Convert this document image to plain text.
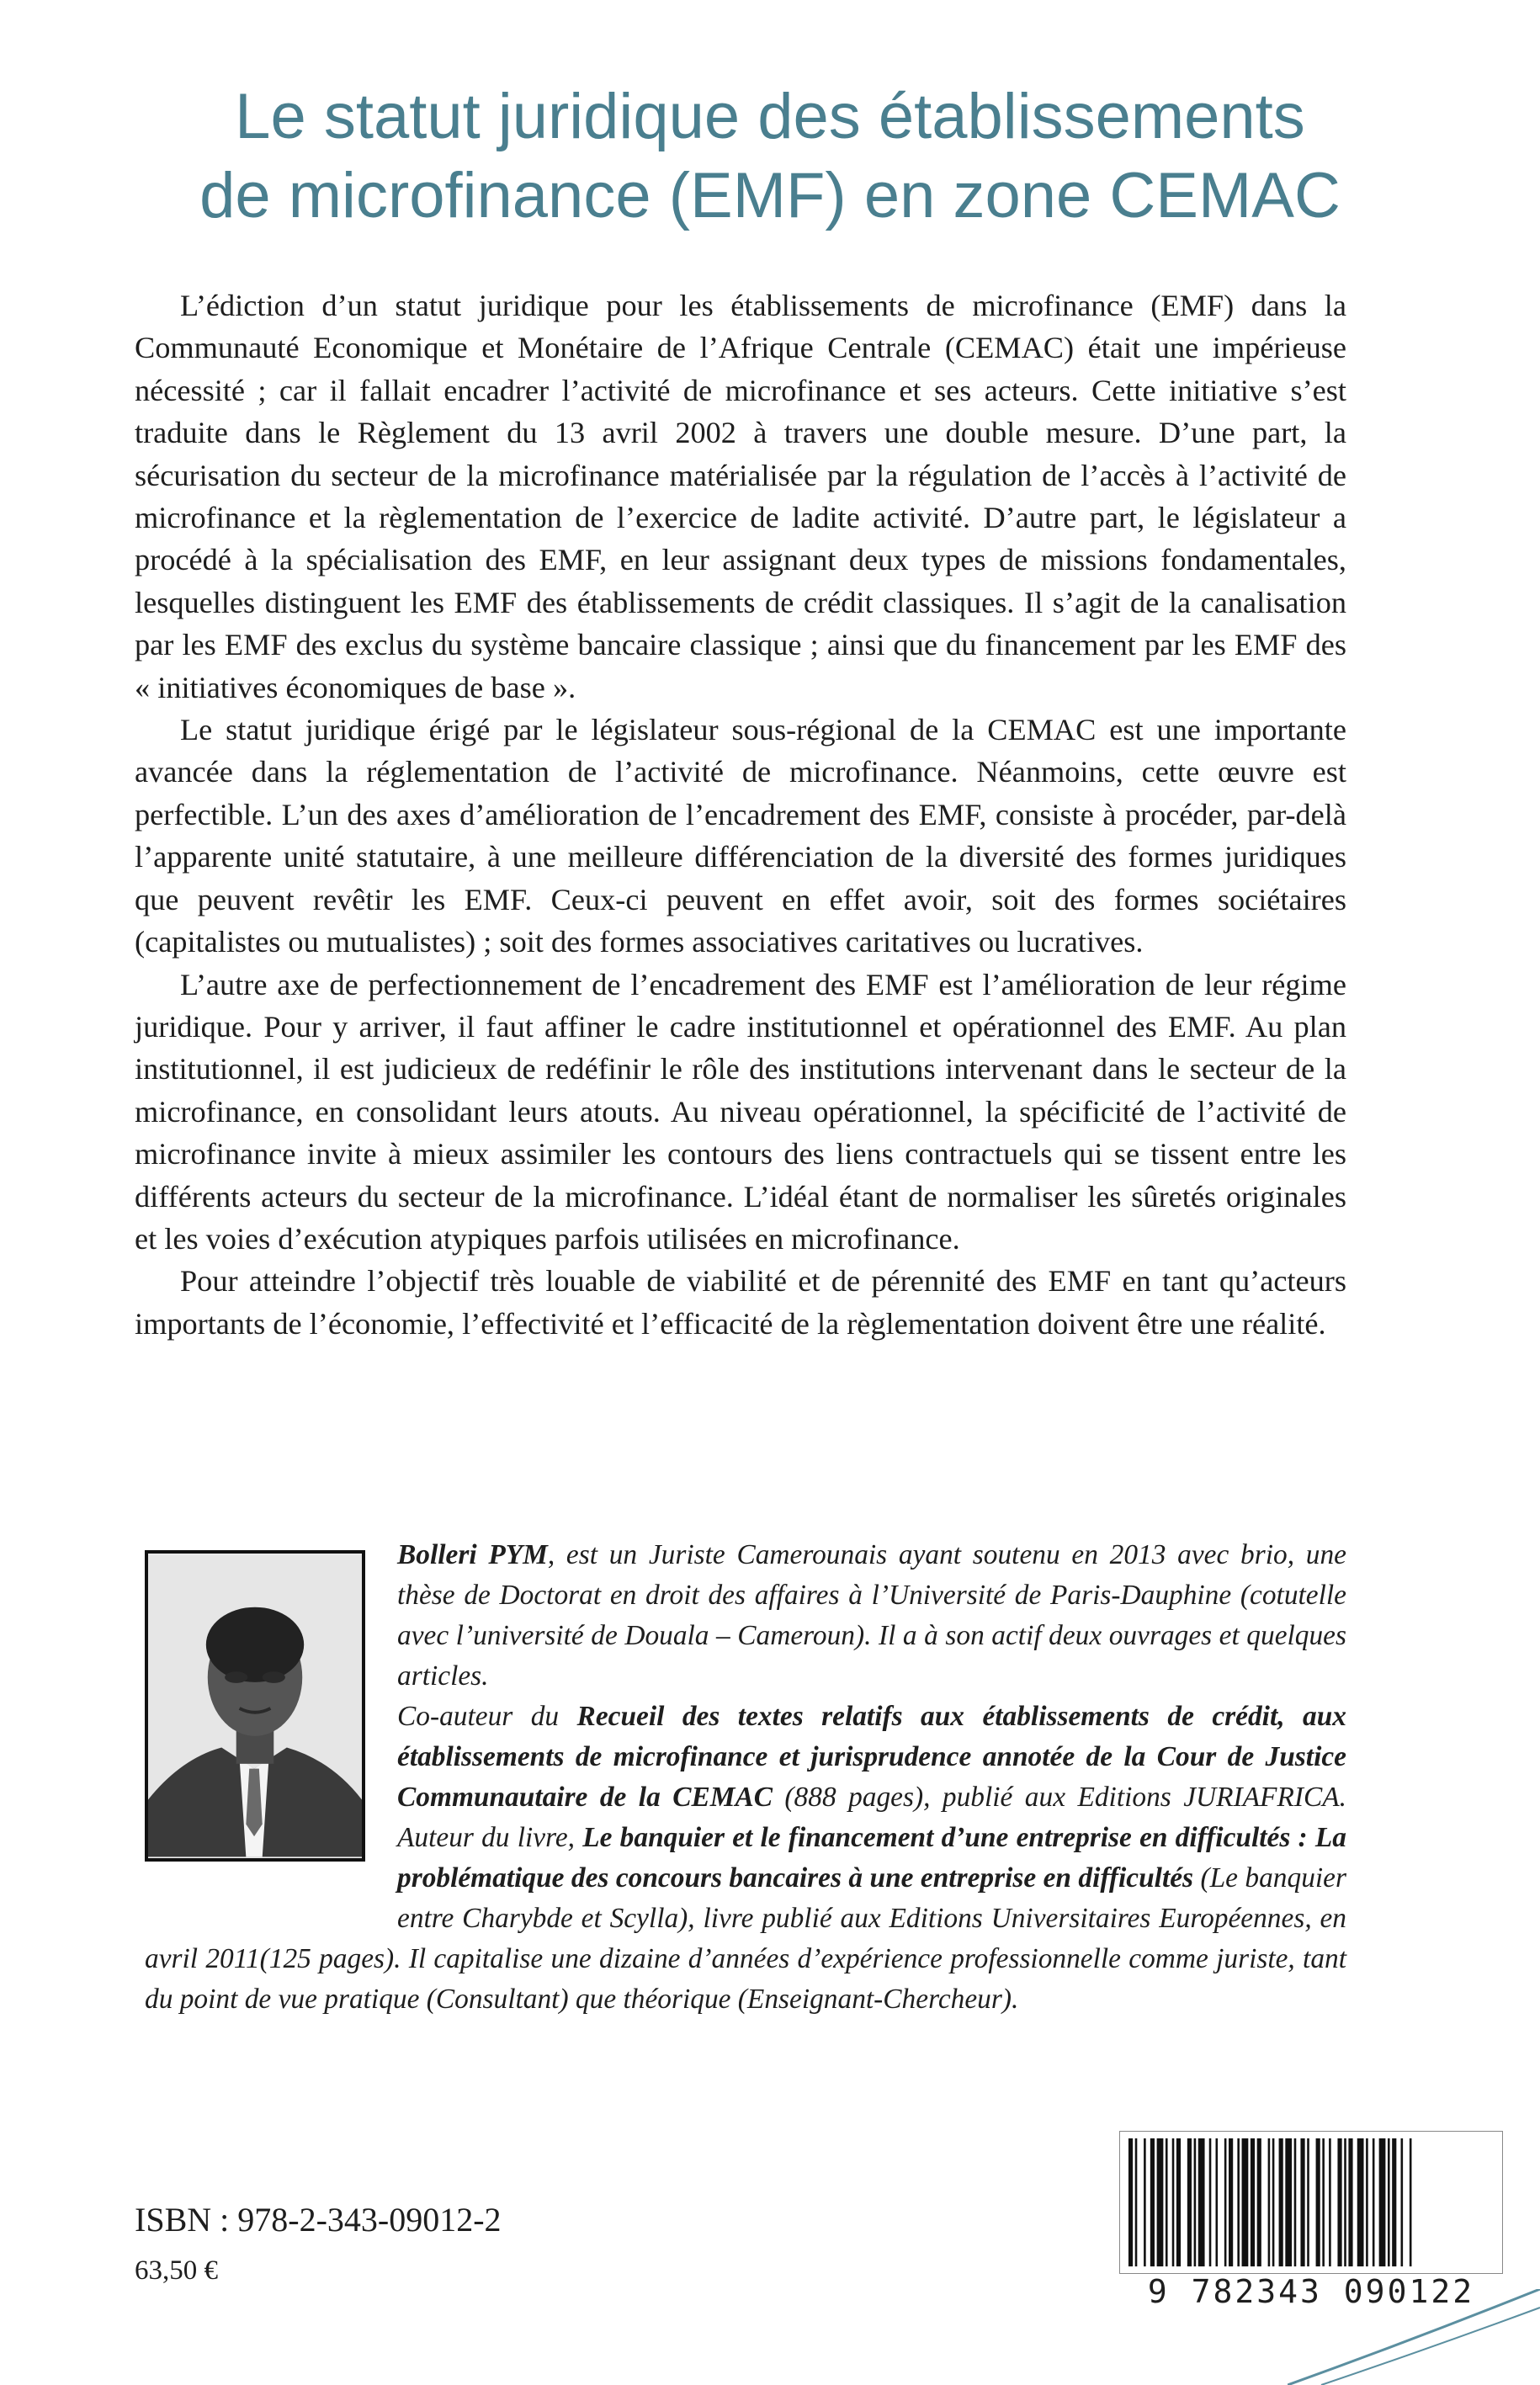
Le statut juridique des établissements
de microfinance (EMF) en zone CEMAC

L’édiction d’un statut juridique pour les établissements de microfinance (EMF) dans la Communauté Economique et Monétaire de l’Afrique Centrale (CEMAC) était une impérieuse nécessité ; car il fallait encadrer l’activité de microfinance et ses acteurs. Cette initiative s’est traduite dans le Règlement du 13 avril 2002 à travers une double mesure. D’une part, la sécurisation du secteur de la microfinance matérialisée par la régulation de l’accès à l’activité de microfinance et la règlementation de l’exercice de ladite activité. D’autre part, le législateur a procédé à la spécialisation des EMF, en leur assignant deux types de missions fondamentales, lesquelles distinguent les EMF des établissements de crédit classiques. Il s’agit de la canalisation par les EMF des exclus du système bancaire classique ; ainsi que du financement par les EMF des « initiatives économiques de base ».

Le statut juridique érigé par le législateur sous-régional de la CEMAC est une importante avancée dans la réglementation de l’activité de microfinance. Néanmoins, cette œuvre est perfectible. L’un des axes d’amélioration de l’encadrement des EMF, consiste à procéder, par-delà l’apparente unité statutaire, à une meilleure différenciation de la diversité des formes juridiques que peuvent revêtir les EMF. Ceux-ci peuvent en effet avoir, soit des formes sociétaires (capitalistes ou mutualistes) ; soit des formes associatives caritatives ou lucratives.

L’autre axe de perfectionnement de l’encadrement des EMF est l’amélioration de leur régime juridique. Pour y arriver, il faut affiner le cadre institutionnel et opérationnel des EMF. Au plan institutionnel, il est judicieux de redéfinir le rôle des institutions intervenant dans le secteur de la microfinance, en consolidant leurs atouts. Au niveau opérationnel, la spécificité de l’activité de microfinance invite à mieux assimiler les contours des liens contractuels qui se tissent entre les différents acteurs du secteur de la microfinance. L’idéal étant de normaliser les sûretés originales et les voies d’exécution atypiques parfois utilisées en microfinance.

Pour atteindre l’objectif très louable de viabilité et de pérennité des EMF en tant qu’acteurs importants de l’économie, l’effectivité et l’efficacité de la règlementation doivent être une réalité.

Bolleri PYM, est un Juriste Camerounais ayant soutenu en 2013 avec brio, une thèse de Doctorat en droit des affaires à l’Université de Paris-Dauphine (cotutelle avec l’université de Douala – Cameroun). Il a à son actif deux ouvrages et quelques articles.

Co-auteur du Recueil des textes relatifs aux établissements de crédit, aux établissements de microfinance et jurisprudence annotée de la Cour de Justice Communautaire de la CEMAC (888 pages), publié aux Editions JURIAFRICA. Auteur du livre, Le banquier et le financement d’une entreprise en difficultés : La problématique des concours bancaires à une entreprise en difficultés (Le banquier entre Charybde et Scylla), livre publié aux Editions Universitaires Européennes, en avril 2011(125 pages). Il capitalise une dizaine d’années d’expérience professionnelle comme juriste, tant du point de vue pratique (Consultant) que théorique (Enseignant-Chercheur).

ISBN : 978-2-343-09012-2
63,50 €
9 782343 090122
